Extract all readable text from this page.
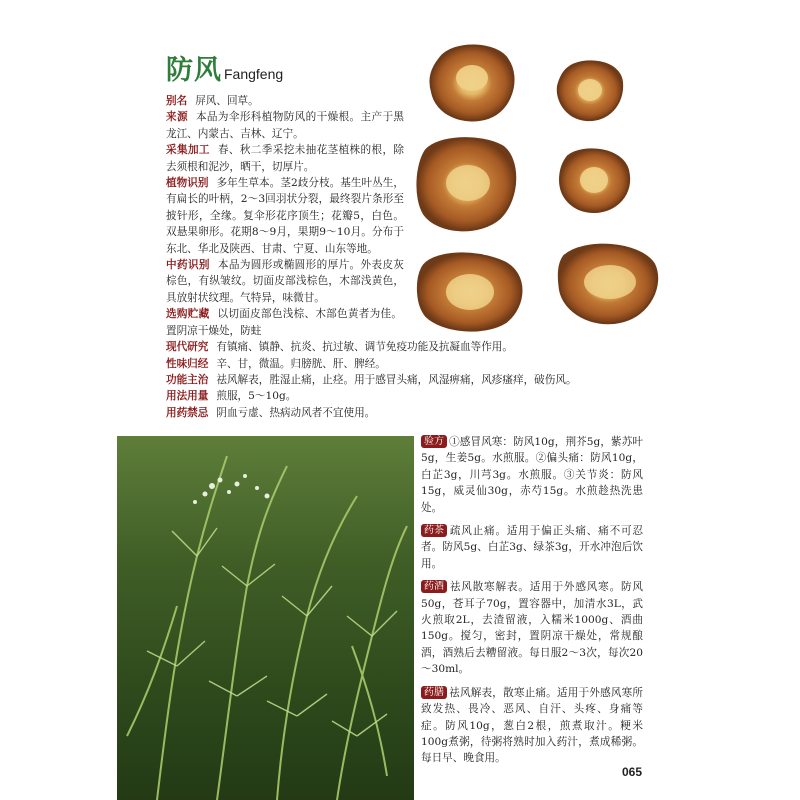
防风 Fangfeng
别名 屏风、回草。
来源 本品为伞形科植物防风的干燥根。主产于黑龙江、内蒙古、吉林、辽宁。
采集加工 春、秋二季采挖未抽花茎植株的根，除去须根和泥沙，晒干，切厚片。
植物识别 多年生草本。茎2歧分枝。基生叶丛生，有扁长的叶柄，2～3回羽状分裂，最终裂片条形至披针形，全缘。复伞形花序顶生；花瓣5，白色。双悬果卵形。花期8～9月，果期9～10月。分布于东北、华北及陕西、甘肃、宁夏、山东等地。
中药识别 本品为圆形或椭圆形的厚片。外表皮灰棕色，有纵皱纹。切面皮部浅棕色，木部浅黄色，具放射状纹理。气特异，味微甘。
选购贮藏 以切面皮部色浅棕、木部色黄者为佳。置阴凉干燥处，防蛀
现代研究 有镇痛、镇静、抗炎、抗过敏、调节免疫功能及抗凝血等作用。
性味归经 辛、甘，微温。归膀胱、肝、脾经。
功能主治 祛风解表，胜湿止痛，止痉。用于感冒头痛，风湿痹痛，风疹瘙痒，破伤风。
用法用量 煎服，5～10g。
用药禁忌 阴血亏虚、热病动风者不宜使用。
验方 ①感冒风寒：防风10g，荆芥5g，紫苏叶5g，生姜5g。水煎服。②偏头痛：防风10g，白芷3g，川芎3g。水煎服。③关节炎：防风15g，威灵仙30g，赤芍15g。水煎趁热洗患处。
药茶 疏风止痛。适用于偏正头痛、痛不可忍者。防风5g、白芷3g、绿茶3g，开水冲泡后饮用。
药酒 祛风散寒解表。适用于外感风寒。防风50g，苍耳子70g，置容器中，加清水3L，武火煎取2L，去渣留液，入糯米1000g、酒曲150g。搅匀，密封，置阴凉干燥处，常规酿酒，酒熟后去糟留液。每日服2～3次，每次20～30ml。
药膳 祛风解表，散寒止痛。适用于外感风寒所致发热、畏冷、恶风、自汗、头疼、身痛等症。防风10g，葱白2根，煎煮取汁。粳米100g煮粥，待粥将熟时加入药汁，煮成稀粥。每日早、晚食用。
065
